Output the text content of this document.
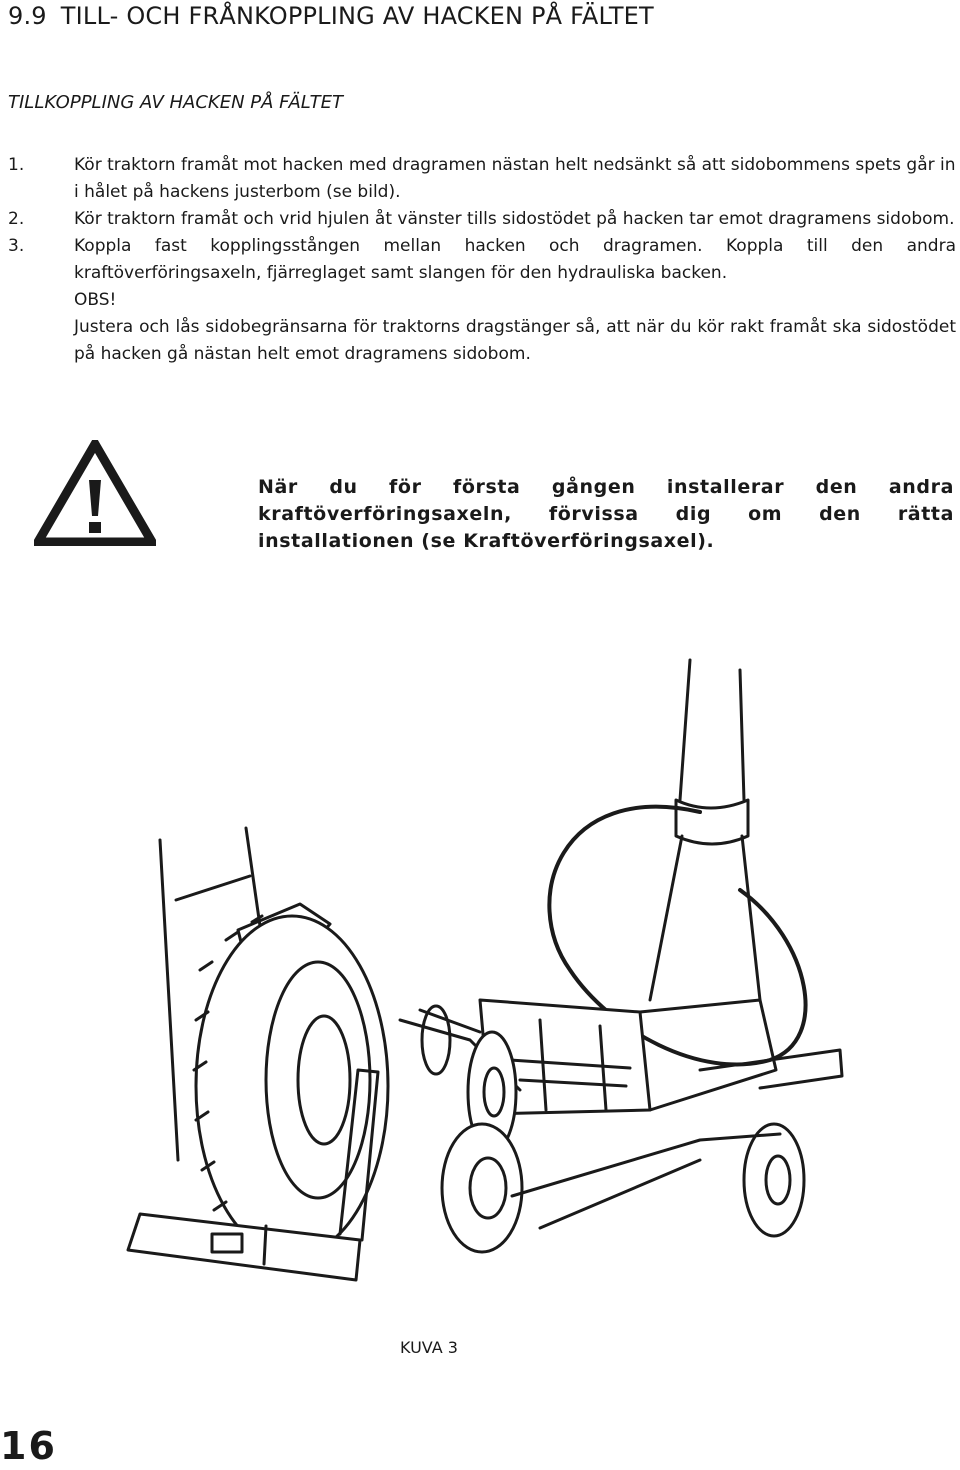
9.9 TILL- OCH FRÅNKOPPLING AV HACKEN PÅ FÄLTET
TILLKOPPLING AV HACKEN PÅ FÄLTET
1.	Kör traktorn framåt mot hacken med dragramen nästan helt nedsänkt så att sidobommens spets går in i hålet på hackens justerbom (se bild).
2.	Kör traktorn framåt och vrid hjulen åt vänster tills sidostödet på hacken tar emot dragramens sidobom.
3.	Koppla fast kopplingsstången mellan hacken och dragramen. Koppla till den andra kraftöverföringsaxeln, fjärreglaget samt slangen för den hydrauliska backen.
OBS!
Justera och lås sidobegränsarna för traktorns dragstänger så, att när du kör rakt framåt ska sidostödet på hacken gå nästan helt emot dragramens sidobom.
När du för första gången installerar den andra kraftöverföringsaxeln, förvissa dig om den rätta installationen (se Kraftöverföringsaxel).
KUVA 3
16
